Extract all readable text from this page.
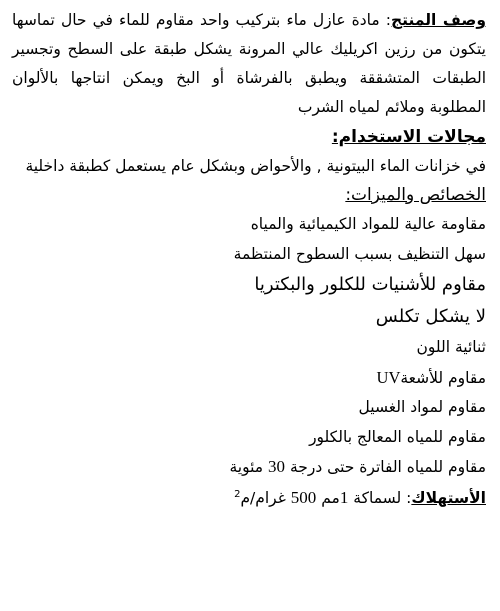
وصف المنتج: مادة عازل ماء بتركيب واحد مقاوم للماء في حال تماسها يتكون من رزين اكريليك عالي المرونة يشكل طبقة على السطح وتجسير الطبقات المتشققة ويطبق بالفرشاة أو البخ ويمكن انتاجها بالألوان المطلوبة وملائم لمياه الشرب

مجالات الاستخدام:

في خزانات الماء البيتونية , والأحواض وبشكل عام يستعمل كطبقة داخلية

الخصائص والميزات:

مقاومة عالية للمواد الكيميائية والمياه
سهل التنظيف بسبب السطوح المنتظمة
مقاوم للأشنيات للكلور والبكتريا
لا يشكل تكلس
ثنائية اللون
مقاوم للأشعةUV
مقاوم لمواد الغسيل
مقاوم للمياه المعالج بالكلور
مقاوم للمياه الفاترة حتى درجة 30 مئوية

الأستهلاك: لسماكة 1مم 500 غرام/م$^2$
